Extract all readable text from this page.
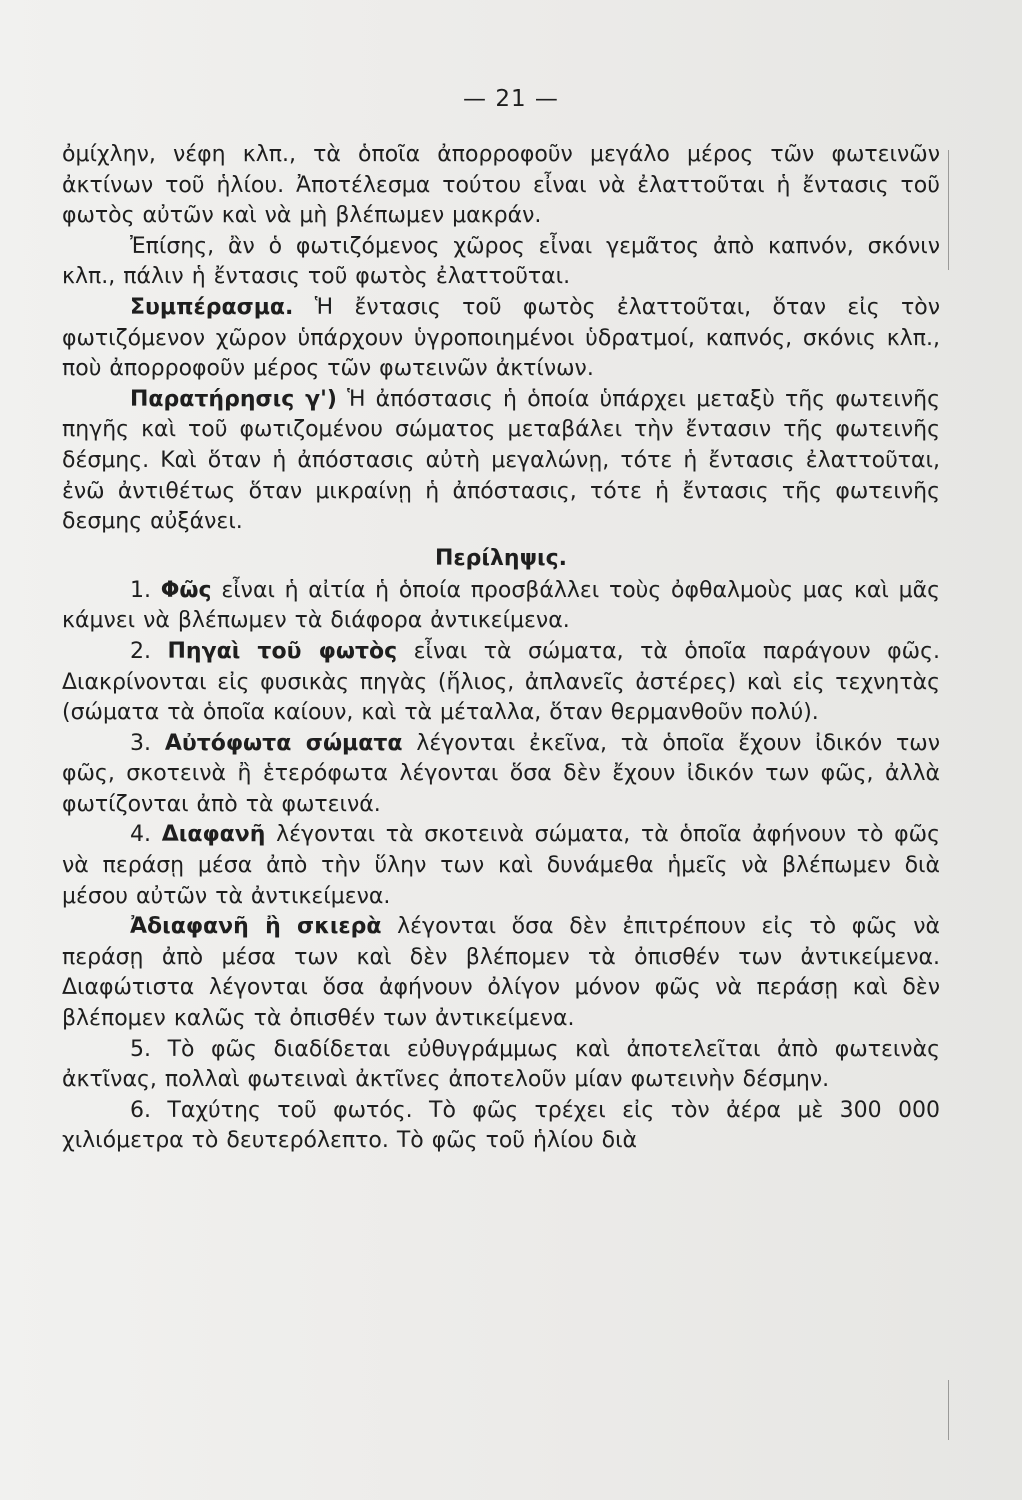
— 21 —

ὀμίχλην, νέφη κλπ., τὰ ὁποῖα ἀπορροφοῦν μεγάλο μέρος τῶν φωτεινῶν ἀκτίνων τοῦ ἡλίου. Ἀποτέλεσμα τούτου εἶναι νὰ ἐλαττοῦται ἡ ἔντασις τοῦ φωτὸς αὐτῶν καὶ νὰ μὴ βλέπωμεν μακράν.

Ἐπίσης, ἂν ὁ φωτιζόμενος χῶρος εἶναι γεμᾶτος ἀπὸ καπνόν, σκόνιν κλπ., πάλιν ἡ ἔντασις τοῦ φωτὸς ἐλαττοῦται.

Συμπέρασμα. Ἡ ἔντασις τοῦ φωτὸς ἐλαττοῦται, ὅταν εἰς τὸν φωτιζόμενον χῶρον ὑπάρχουν ὑγροποιημένοι ὑδρατμοί, καπνός, σκόνις κλπ., ποὺ ἀπορροφοῦν μέρος τῶν φωτεινῶν ἀκτίνων.

Παρατήρησις γ') Ἡ ἀπόστασις ἡ ὁποία ὑπάρχει μεταξὺ τῆς φωτεινῆς πηγῆς καὶ τοῦ φωτιζομένου σώματος μεταβάλει τὴν ἔντασιν τῆς φωτεινῆς δέσμης. Καὶ ὅταν ἡ ἀπόστασις αὐτὴ μεγαλώνῃ, τότε ἡ ἔντασις ἐλαττοῦται, ἐνῶ ἀντιθέτως ὅταν μικραίνῃ ἡ ἀπόστασις, τότε ἡ ἔντασις τῆς φωτεινῆς δεσμης αὐξάνει.

Περίληψις.

1. Φῶς εἶναι ἡ αἰτία ἡ ὁποία προσβάλλει τοὺς ὀφθαλμοὺς μας καὶ μᾶς κάμνει νὰ βλέπωμεν τὰ διάφορα ἀντικείμενα.

2. Πηγαὶ τοῦ φωτὸς εἶναι τὰ σώματα, τὰ ὁποῖα παράγουν φῶς. Διακρίνονται εἰς φυσικὰς πηγὰς (ἥλιος, ἀπλανεῖς ἀστέρες) καὶ εἰς τεχνητὰς (σώματα τὰ ὁποῖα καίουν, καὶ τὰ μέταλλα, ὅταν θερμανθοῦν πολύ).

3. Αὐτόφωτα σώματα λέγονται ἐκεῖνα, τὰ ὁποῖα ἔχουν ἰδικόν των φῶς, σκοτεινὰ ἢ ἑτερόφωτα λέγονται ὅσα δὲν ἔχουν ἰδικόν των φῶς, ἀλλὰ φωτίζονται ἀπὸ τὰ φωτεινά.

4. Διαφανῆ λέγονται τὰ σκοτεινὰ σώματα, τὰ ὁποῖα ἀφήνουν τὸ φῶς νὰ περάσῃ μέσα ἀπὸ τὴν ὕλην των καὶ δυνάμεθα ἡμεῖς νὰ βλέπωμεν διὰ μέσου αὐτῶν τὰ ἀντικείμενα.

Ἀδιαφανῆ ἢ σκιερὰ λέγονται ὅσα δὲν ἐπιτρέπουν εἰς τὸ φῶς νὰ περάσῃ ἀπὸ μέσα των καὶ δὲν βλέπομεν τὰ ὀπισθέν των ἀντικείμενα. Διαφώτιστα λέγονται ὅσα ἀφήνουν ὀλίγον μόνον φῶς νὰ περάσῃ καὶ δὲν βλέπομεν καλῶς τὰ ὀπισθέν των ἀντικείμενα.

5. Τὸ φῶς διαδίδεται εὐθυγράμμως καὶ ἀποτελεῖται ἀπὸ φωτεινὰς ἀκτῖνας, πολλαὶ φωτειναὶ ἀκτῖνες ἀποτελοῦν μίαν φωτεινὴν δέσμην.

6. Ταχύτης τοῦ φωτός. Τὸ φῶς τρέχει εἰς τὸν ἀέρα μὲ 300 000 χιλιόμετρα τὸ δευτερόλεπτο. Τὸ φῶς τοῦ ἡλίου διὰ
